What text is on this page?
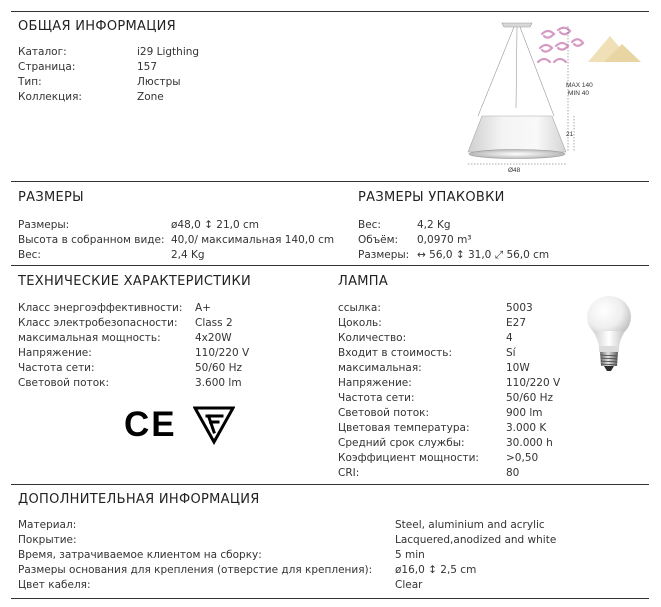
ОБЩАЯ ИНФОРМАЦИЯ
Каталог:	i29 Ligthing
Страница:	157
Тип:	Люстры
Коллекция:	Zone
MAX 140
MIN 40
21
Ø48
РАЗМЕРЫ
Размеры:	ø48,0 ↕ 21,0 cm
Высота в собранном виде: 40,0/ максимальная 140,0 cm
Вес:	2,4 Kg
РАЗМЕРЫ УПАКОВКИ
Вес:	4,2 Kg
Объём:	0,0970 m³
Размеры: ↔ 56,0 ↕ 31,0 ⤢ 56,0 cm
ТЕХНИЧЕСКИЕ ХАРАКТЕРИСТИКИ
Класс энергоэффективности:	A+
Класс электробезопасности:	Class 2
максимальная мощность:	4x20W
Напряжение:	110/220 V
Частота сети:	50/60 Hz
Световой поток:	3.600 lm
CE
ЛАМПА
ссылка:	5003
Цоколь:	E27
Количество:	4
Входит в стоимость:	Sí
максимальная:	10W
Напряжение:	110/220 V
Частота сети:	50/60 Hz
Световой поток:	900 lm
Цветовая температура:	3.000 K
Средний срок службы:	30.000 h
Коэффициент мощности:	>0,50
CRI:	80
ДОПОЛНИТЕЛЬНАЯ ИНФОРМАЦИЯ
Материал:	Steel, aluminium and acrylic
Покрытие:	Lacquered,anodized and white
Время, затрачиваемое клиентом на сборку:	5 min
Размеры основания для крепления (отверстие для крепления):	ø16,0 ↕ 2,5 cm
Цвет кабеля:	Clear
